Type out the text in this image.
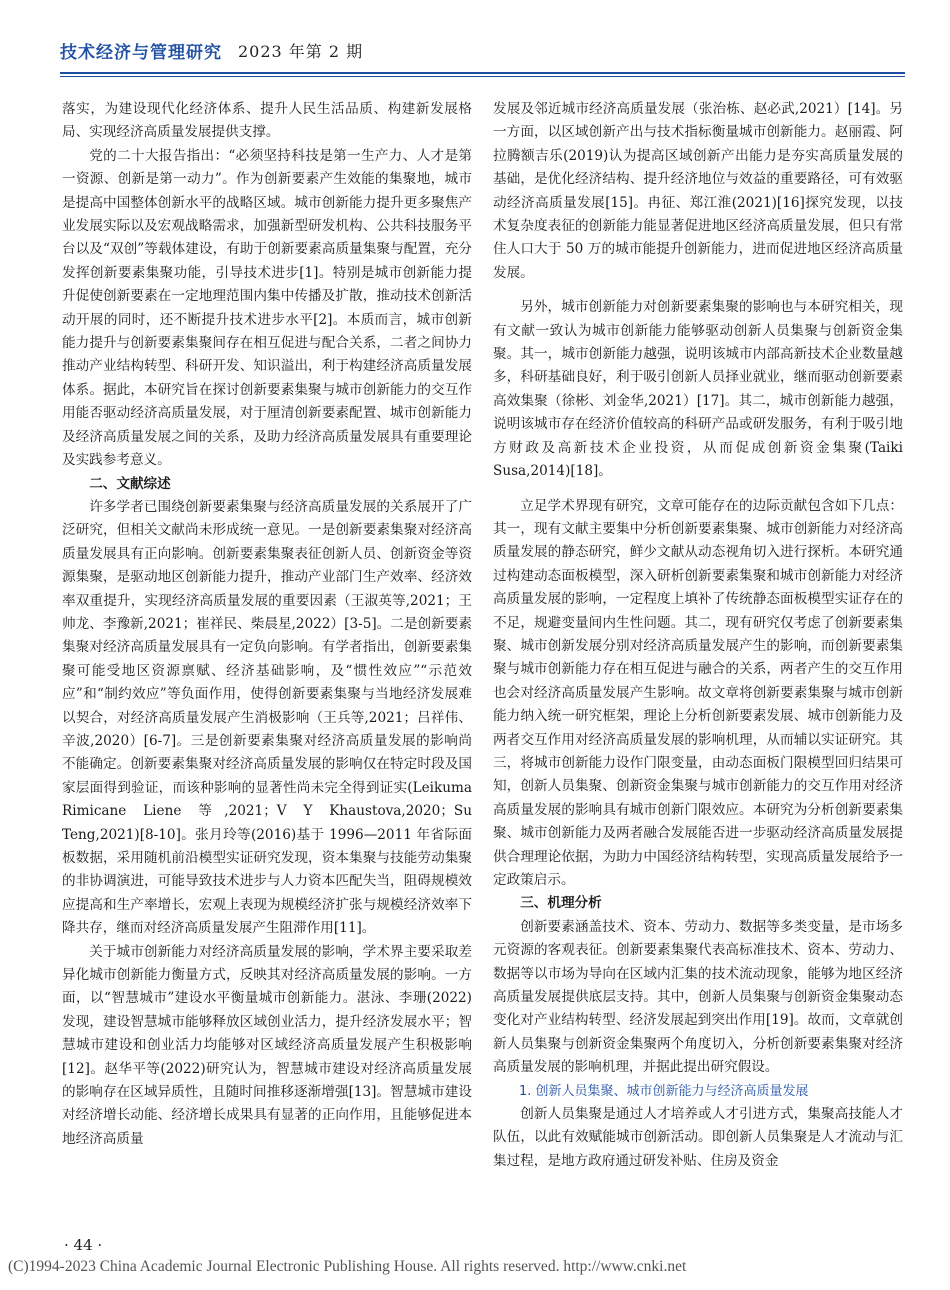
技术经济与管理研究 2023 年第 2 期

落实，为建设现代化经济体系、提升人民生活品质、构建新发展格局、实现经济高质量发展提供支撑。

党的二十大报告指出：“必须坚持科技是第一生产力、人才是第一资源、创新是第一动力”。作为创新要素产生效能的集聚地，城市是提高中国整体创新水平的战略区域。城市创新能力提升更多聚焦产业发展实际以及宏观战略需求，加强新型研发机构、公共科技服务平台以及“双创”等载体建设，有助于创新要素高质量集聚与配置，充分发挥创新要素集聚功能，引导技术进步[1]。特别是城市创新能力提升促使创新要素在一定地理范围内集中传播及扩散，推动技术创新活动开展的同时，还不断提升技术进步水平[2]。本质而言，城市创新能力提升与创新要素集聚间存在相互促进与配合关系，二者之间协力推动产业结构转型、科研开发、知识溢出，利于构建经济高质量发展体系。据此，本研究旨在探讨创新要素集聚与城市创新能力的交互作用能否驱动经济高质量发展，对于厘清创新要素配置、城市创新能力及经济高质量发展之间的关系，及助力经济高质量发展具有重要理论及实践参考意义。

二、文献综述

许多学者已围绕创新要素集聚与经济高质量发展的关系展开了广泛研究，但相关文献尚未形成统一意见。一是创新要素集聚对经济高质量发展具有正向影响。创新要素集聚表征创新人员、创新资金等资源集聚，是驱动地区创新能力提升，推动产业部门生产效率、经济效率双重提升，实现经济高质量发展的重要因素（王淑英等,2021；王帅龙、李豫新,2021；崔祥民、柴晨星,2022）[3-5]。二是创新要素集聚对经济高质量发展具有一定负向影响。有学者指出，创新要素集聚可能受地区资源禀赋、经济基础影响，及“惯性效应”“示范效应”和“制约效应”等负面作用，使得创新要素集聚与当地经济发展难以契合，对经济高质量发展产生消极影响（王兵等,2021；吕祥伟、辛波,2020）[6-7]。三是创新要素集聚对经济高质量发展的影响尚不能确定。创新要素集聚对经济高质量发展的影响仅在特定时段及国家层面得到验证，而该种影响的显著性尚未完全得到证实(Leikuma Rimicane Liene 等,2021；V Y Khaustova,2020；Su Teng,2021)[8-10]。张月玲等(2016)基于 1996—2011 年省际面板数据，采用随机前沿模型实证研究发现，资本集聚与技能劳动集聚的非协调演进，可能导致技术进步与人力资本匹配失当，阻碍规模效应提高和生产率增长，宏观上表现为规模经济扩张与规模经济效率下降共存，继而对经济高质量发展产生阻滞作用[11]。

关于城市创新能力对经济高质量发展的影响，学术界主要采取差异化城市创新能力衡量方式，反映其对经济高质量发展的影响。一方面，以“智慧城市”建设水平衡量城市创新能力。湛泳、李珊(2022)发现，建设智慧城市能够释放区域创业活力，提升经济发展水平；智慧城市建设和创业活力均能够对区域经济高质量发展产生积极影响[12]。赵华平等(2022)研究认为，智慧城市建设对经济高质量发展的影响存在区域异质性，且随时间推移逐渐增强[13]。智慧城市建设对经济增长动能、经济增长成果具有显著的正向作用，且能够促进本地经济高质量

发展及邻近城市经济高质量发展（张治栋、赵必武,2021）[14]。另一方面，以区域创新产出与技术指标衡量城市创新能力。赵丽霞、阿拉腾额吉乐(2019)认为提高区域创新产出能力是夯实高质量发展的基础，是优化经济结构、提升经济地位与效益的重要路径，可有效驱动经济高质量发展[15]。冉征、郑江淮(2021)[16]探究发现，以技术复杂度表征的创新能力能显著促进地区经济高质量发展，但只有常住人口大于 50 万的城市能提升创新能力，进而促进地区经济高质量发展。

另外，城市创新能力对创新要素集聚的影响也与本研究相关，现有文献一致认为城市创新能力能够驱动创新人员集聚与创新资金集聚。其一，城市创新能力越强，说明该城市内部高新技术企业数量越多，科研基础良好，利于吸引创新人员择业就业，继而驱动创新要素高效集聚（徐彬、刘金华,2021）[17]。其二，城市创新能力越强，说明该城市存在经济价值较高的科研产品或研发服务，有利于吸引地方财政及高新技术企业投资，从而促成创新资金集聚(Taiki Susa,2014)[18]。

立足学术界现有研究，文章可能存在的边际贡献包含如下几点：其一，现有文献主要集中分析创新要素集聚、城市创新能力对经济高质量发展的静态研究，鲜少文献从动态视角切入进行探析。本研究通过构建动态面板模型，深入研析创新要素集聚和城市创新能力对经济高质量发展的影响，一定程度上填补了传统静态面板模型实证存在的不足，规避变量间内生性问题。其二，现有研究仅考虑了创新要素集聚、城市创新发展分别对经济高质量发展产生的影响，而创新要素集聚与城市创新能力存在相互促进与融合的关系，两者产生的交互作用也会对经济高质量发展产生影响。故文章将创新要素集聚与城市创新能力纳入统一研究框架，理论上分析创新要素发展、城市创新能力及两者交互作用对经济高质量发展的影响机理，从而辅以实证研究。其三，将城市创新能力设作门限变量，由动态面板门限模型回归结果可知，创新人员集聚、创新资金集聚与城市创新能力的交互作用对经济高质量发展的影响具有城市创新门限效应。本研究为分析创新要素集聚、城市创新能力及两者融合发展能否进一步驱动经济高质量发展提供合理理论依据，为助力中国经济结构转型，实现高质量发展给予一定政策启示。

三、机理分析

创新要素涵盖技术、资本、劳动力、数据等多类变量，是市场多元资源的客观表征。创新要素集聚代表高标准技术、资本、劳动力、数据等以市场为导向在区域内汇集的技术流动现象，能够为地区经济高质量发展提供底层支持。其中，创新人员集聚与创新资金集聚动态变化对产业结构转型、经济发展起到突出作用[19]。故而，文章就创新人员集聚与创新资金集聚两个角度切入，分析创新要素集聚对经济高质量发展的影响机理，并据此提出研究假设。

1. 创新人员集聚、城市创新能力与经济高质量发展

创新人员集聚是通过人才培养或人才引进方式，集聚高技能人才队伍，以此有效赋能城市创新活动。即创新人员集聚是人才流动与汇集过程，是地方政府通过研发补贴、住房及资金

· 44 ·
(C)1994-2023 China Academic Journal Electronic Publishing House. All rights reserved. http://www.cnki.net
